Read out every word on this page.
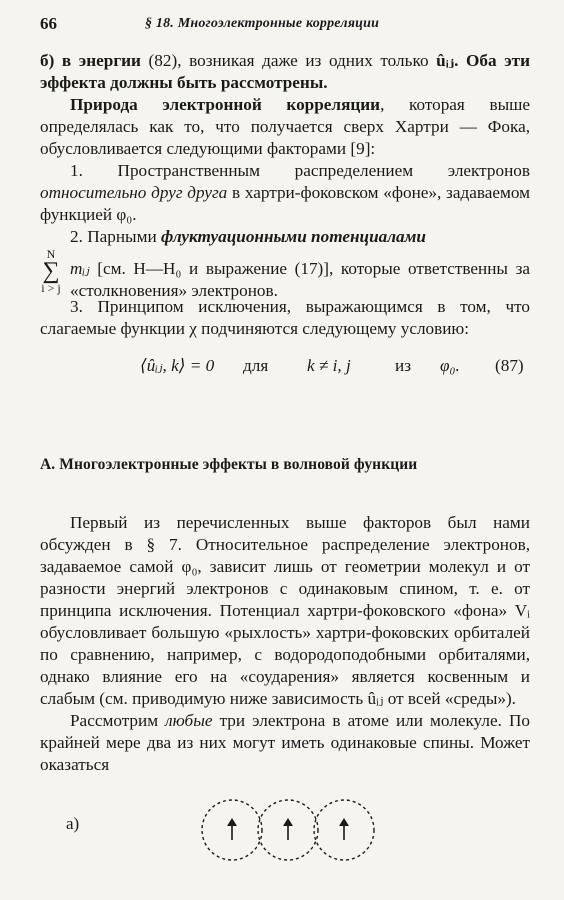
66	§ 18. Многоэлектронные корреляции

б) в энергии (82), возникая даже из одних только ûᵢⱼ. Оба эти эффекта должны быть рассмотрены.

Природа электронной корреляции, которая выше определялась как то, что получается сверх Хартри — Фока, обусловливается следующими факторами [9]:

1. Пространственным распределением электронов относительно друг друга в хартри-фоковском «фоне», задаваемом функцией φ₀.

2. Парными флуктуационными потенциалами

N
∑
i > j
mᵢⱼ [см. H—H₀ и выражение (17)], которые ответственны за «столкновения» электронов.

3. Принципом исключения, выражающимся в том, что слагаемые функции χ подчиняются следующему условию:

⟨ûᵢⱼ, k⟩ = 0 для k ≠ i, j	из φ₀. (87)
А. Многоэлектронные эффекты в волновой функции

Первый из перечисленных выше факторов был нами обсужден в § 7. Относительное распределение электронов, задаваемое самой φ₀, зависит лишь от геометрии молекул и от разности энергий электронов с одинаковым спином, т. е. от принципа исключения. Потенциал хартри-фоковского «фона» Vᵢ обусловливает большую «рыхлость» хартри-фоковских орбиталей по сравнению, например, с водородоподобными орбиталями, однако влияние его на «соударения» является косвенным и слабым (см. приводимую ниже зависимость ûᵢⱼ от всей «среды»).

Рассмотрим любые три электрона в атоме или молекуле. По крайней мере два из них могут иметь одинаковые спины. Может оказаться

а)
